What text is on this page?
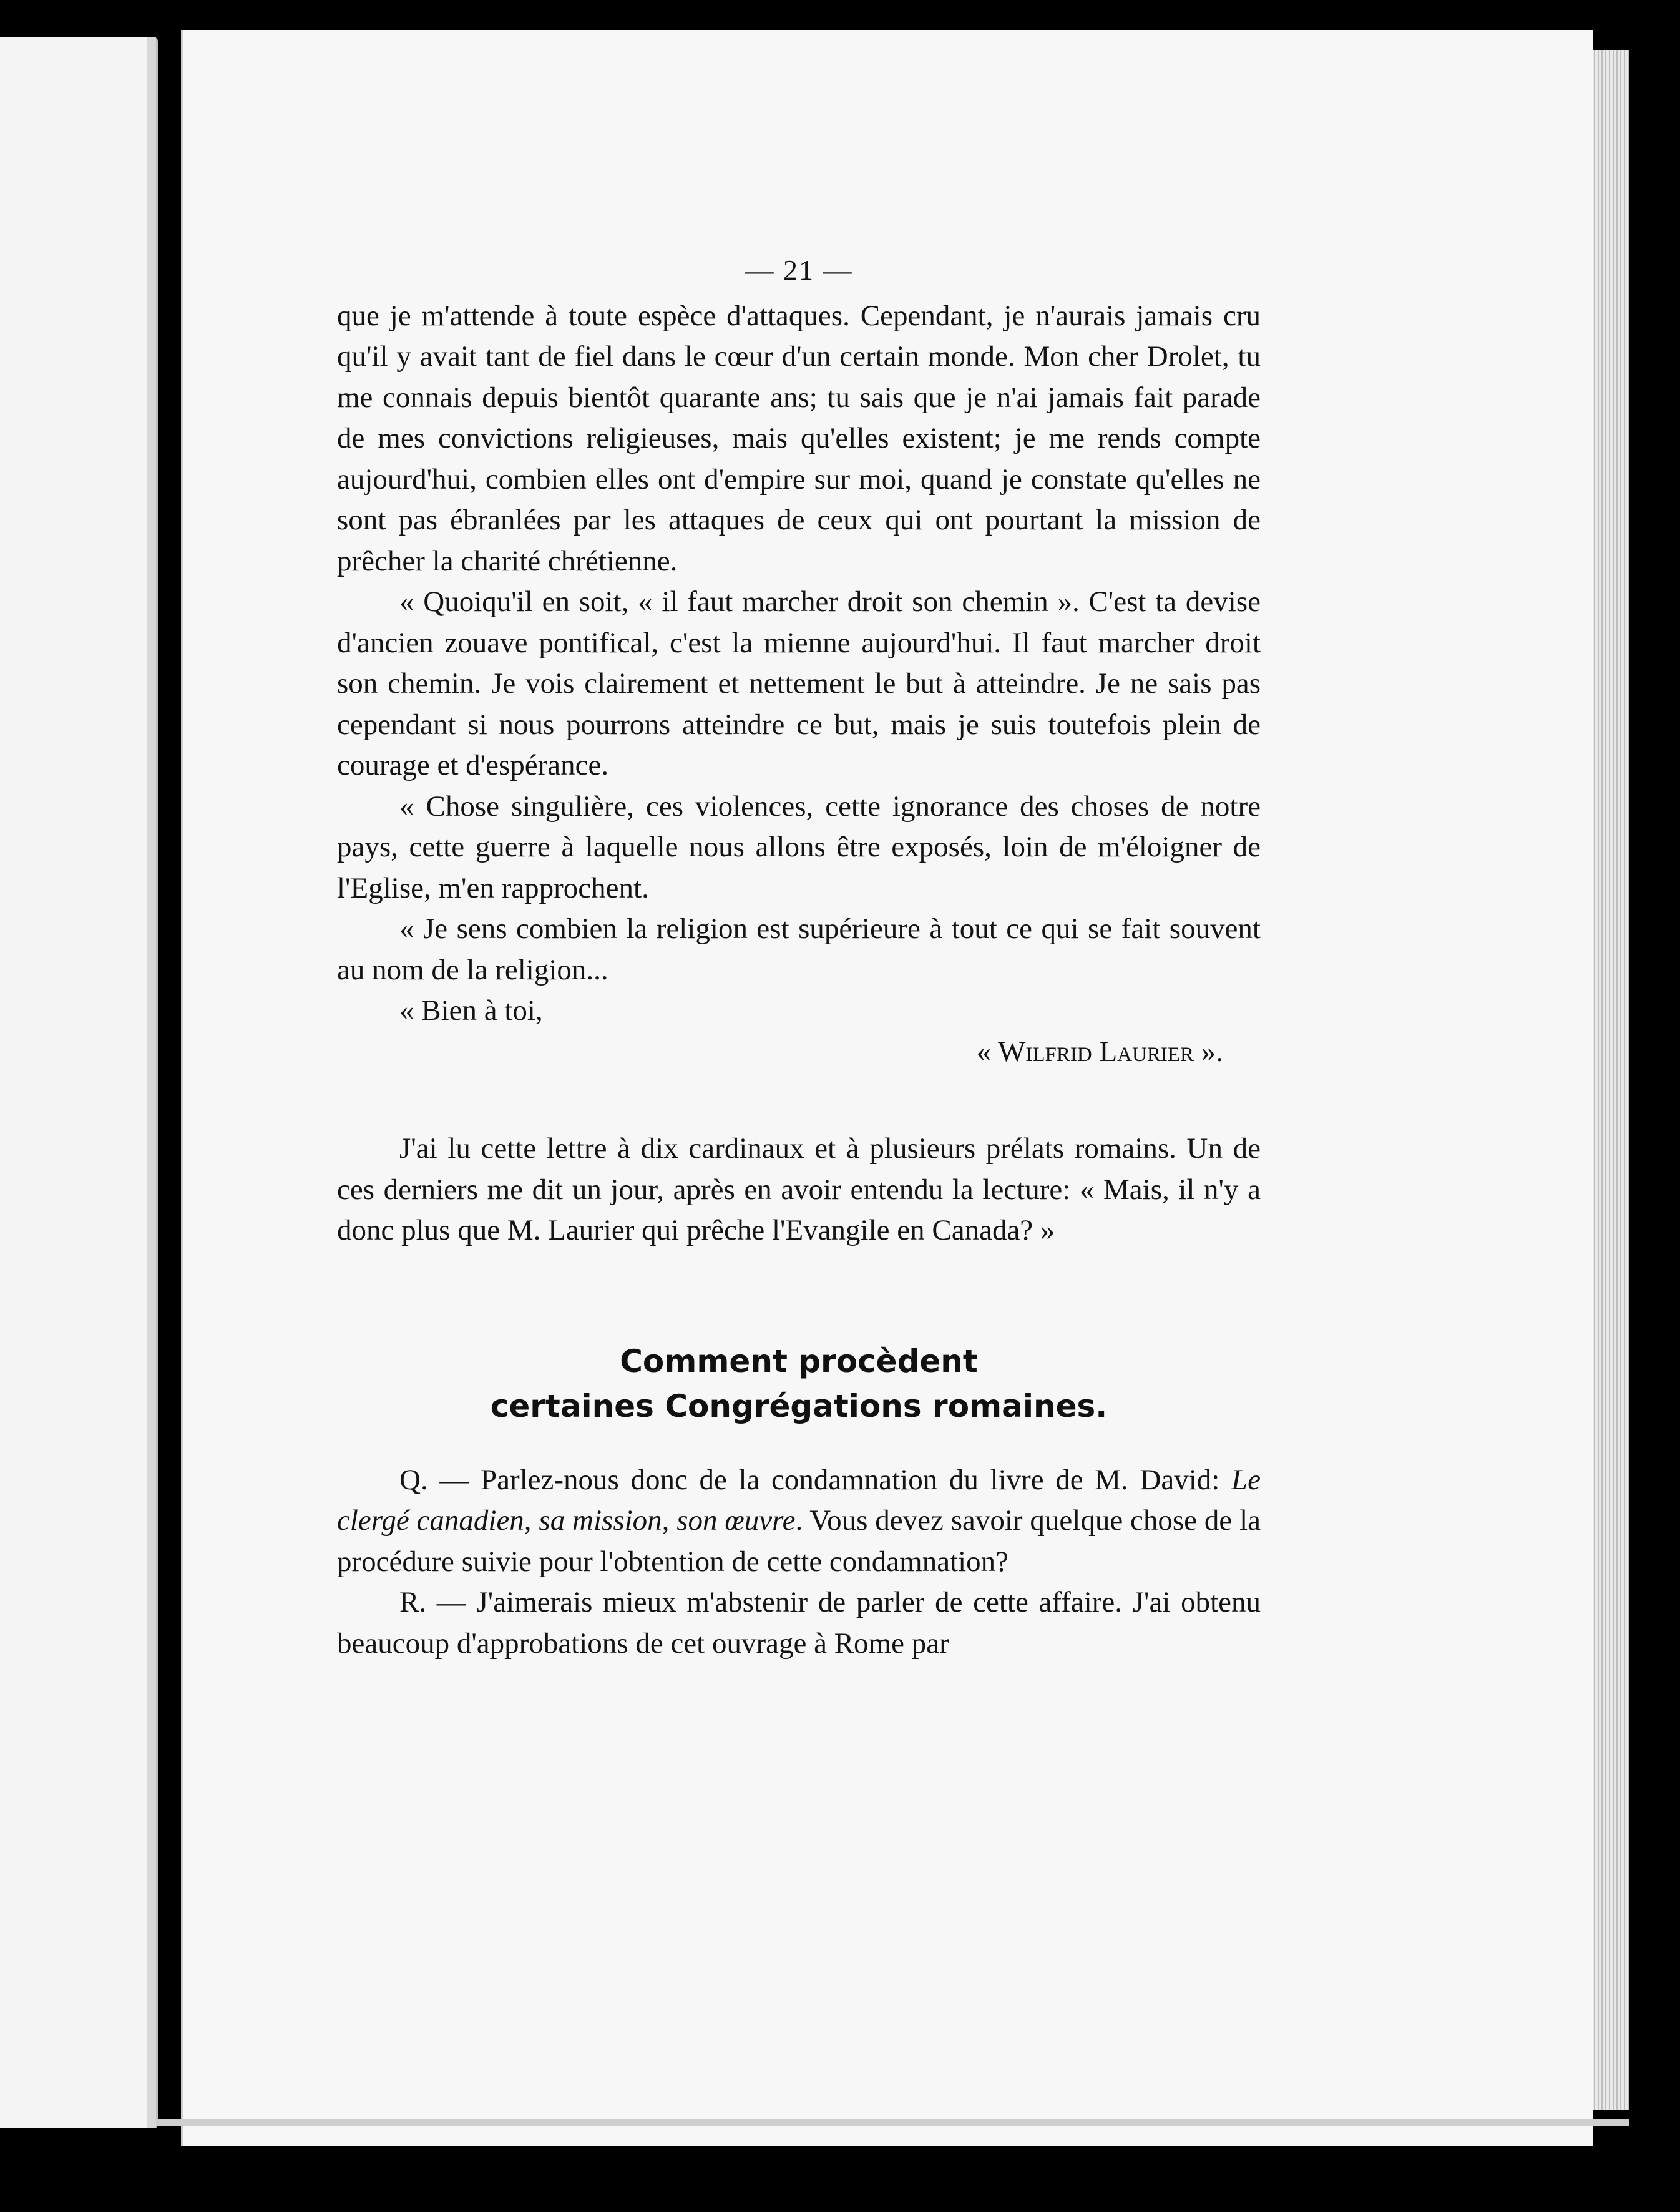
— 21 —

que je m'attende à toute espèce d'attaques. Cependant, je n'aurais jamais cru qu'il y avait tant de fiel dans le cœur d'un certain monde. Mon cher Drolet, tu me connais depuis bientôt quarante ans; tu sais que je n'ai jamais fait parade de mes convictions religieuses, mais qu'elles existent; je me rends compte aujourd'hui, combien elles ont d'empire sur moi, quand je constate qu'elles ne sont pas ébranlées par les attaques de ceux qui ont pourtant la mission de prêcher la charité chrétienne.

« Quoiqu'il en soit, « il faut marcher droit son chemin ». C'est ta devise d'ancien zouave pontifical, c'est la mienne aujourd'hui. Il faut marcher droit son chemin. Je vois clairement et nettement le but à atteindre. Je ne sais pas cependant si nous pourrons atteindre ce but, mais je suis toutefois plein de courage et d'espérance.

« Chose singulière, ces violences, cette ignorance des choses de notre pays, cette guerre à laquelle nous allons être exposés, loin de m'éloigner de l'Eglise, m'en rapprochent.

« Je sens combien la religion est supérieure à tout ce qui se fait souvent au nom de la religion...

« Bien à toi,

« Wilfrid Laurier ».

J'ai lu cette lettre à dix cardinaux et à plusieurs prélats romains. Un de ces derniers me dit un jour, après en avoir entendu la lecture: « Mais, il n'y a donc plus que M. Laurier qui prêche l'Evangile en Canada? »

Comment procèdent
certaines Congrégations romaines.

Q. — Parlez-nous donc de la condamnation du livre de M. David: Le clergé canadien, sa mission, son œuvre. Vous devez savoir quelque chose de la procédure suivie pour l'obtention de cette condamnation?

R. — J'aimerais mieux m'abstenir de parler de cette affaire. J'ai obtenu beaucoup d'approbations de cet ouvrage à Rome par
